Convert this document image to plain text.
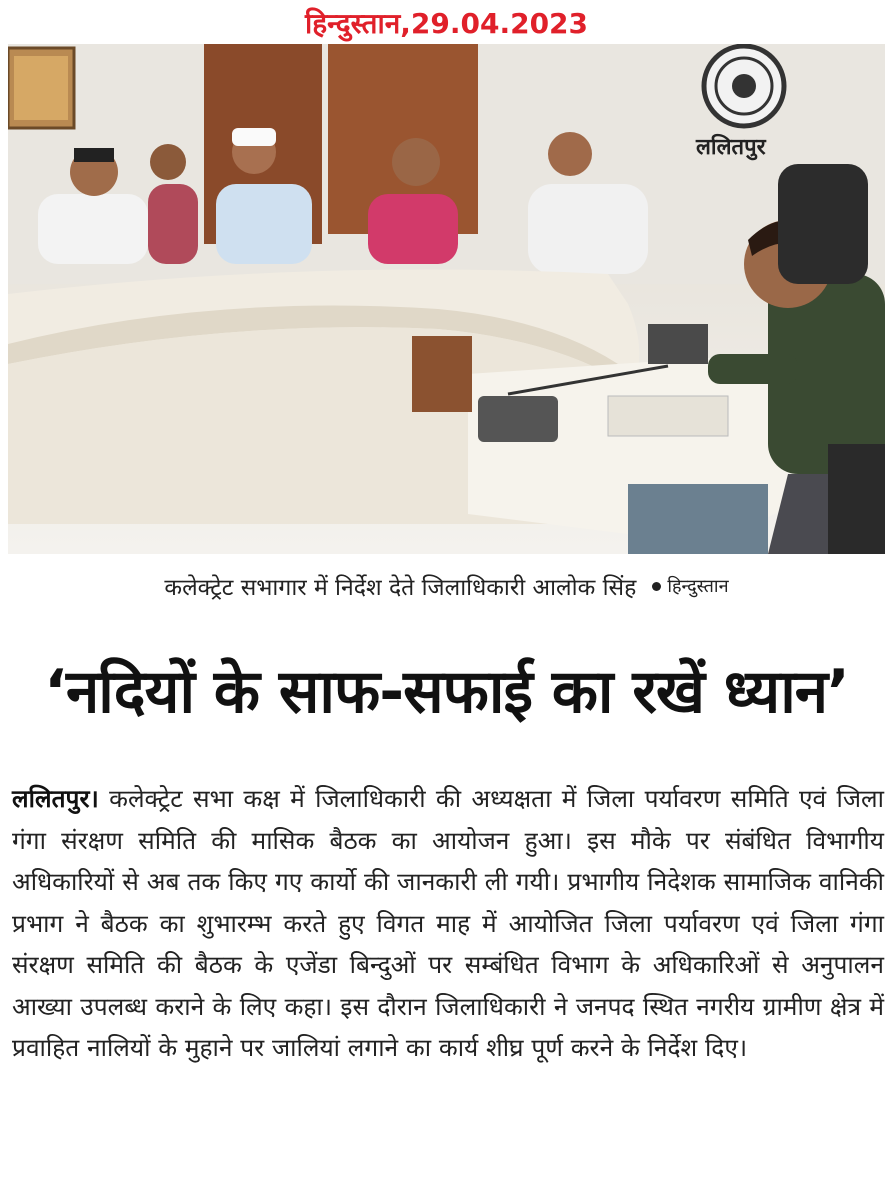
हिन्दुस्तान,29.04.2023
ललितपुर
कलेक्ट्रेट सभागार में निर्देश देते जिलाधिकारी आलोक सिंह हिन्दुस्तान
‘नदियों के साफ-सफाई का रखें ध्यान’
ललितपुर। कलेक्ट्रेट सभा कक्ष में जिलाधिकारी की अध्यक्षता में जिला पर्यावरण समिति एवं जिला गंगा संरक्षण समिति की मासिक बैठक का आयोजन हुआ। इस मौके पर संबंधित विभागीय अधिकारियों से अब तक किए गए कार्यो की जानकारी ली गयी। प्रभागीय निदेशक सामाजिक वानिकी प्रभाग ने बैठक का शुभारम्भ करते हुए विगत माह में आयोजित जिला पर्यावरण एवं जिला गंगा संरक्षण समिति की बैठक के एजेंडा बिन्दुओं पर सम्बंधित विभाग के अधिकारिओं से अनुपालन आख्या उपलब्ध कराने के लिए कहा। इस दौरान जिलाधिकारी ने जनपद स्थित नगरीय ग्रामीण क्षेत्र में प्रवाहित नालियों के मुहाने पर जालियां लगाने का कार्य शीघ्र पूर्ण करने के निर्देश दिए।
